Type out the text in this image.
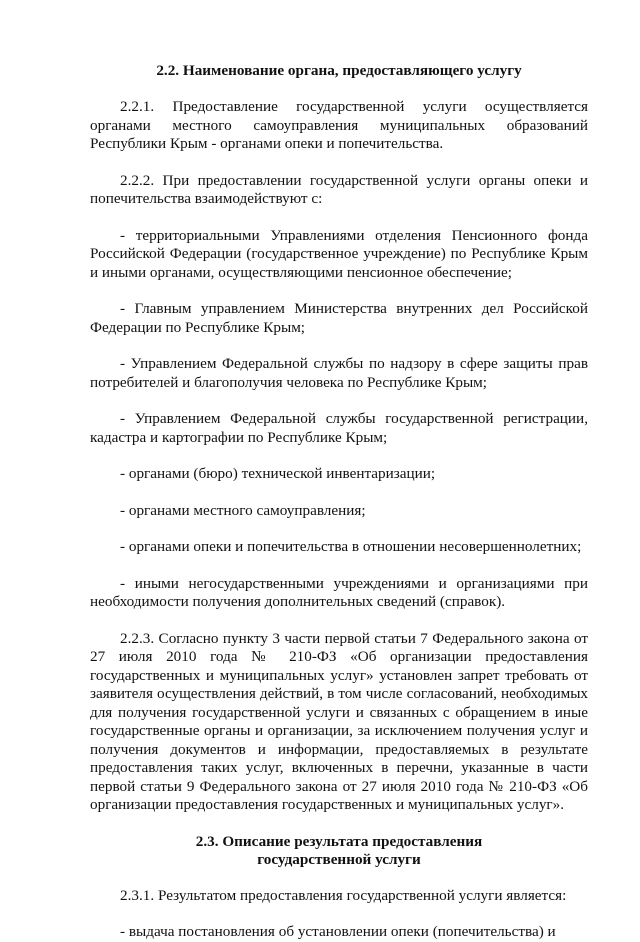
2.2. Наименование органа, предоставляющего услугу

2.2.1. Предоставление государственной услуги осуществляется органами местного самоуправления муниципальных образований Республики Крым - органами опеки и попечительства.

2.2.2. При предоставлении государственной услуги органы опеки и попечительства взаимодействуют с:

- территориальными Управлениями отделения Пенсионного фонда Российской Федерации (государственное учреждение) по Республике Крым и иными органами, осуществляющими пенсионное обеспечение;

- Главным управлением Министерства внутренних дел Российской Федерации по Республике Крым;

- Управлением Федеральной службы по надзору в сфере защиты прав потребителей и благополучия человека по Республике Крым;

- Управлением Федеральной службы государственной регистрации, кадастра и картографии по Республике Крым;

- органами (бюро) технической инвентаризации;

- органами местного самоуправления;

- органами опеки и попечительства в отношении несовершеннолетних;

- иными негосударственными учреждениями и организациями при необходимости получения дополнительных сведений (справок).

2.2.3. Согласно пункту 3 части первой статьи 7 Федерального закона от 27 июля 2010 года № 210-ФЗ «Об организации предоставления государственных и муниципальных услуг» установлен запрет требовать от заявителя осуществления действий, в том числе согласований, необходимых для получения государственной услуги и связанных с обращением в иные государственные органы и организации, за исключением получения услуг и получения документов и информации, предоставляемых в результате предоставления таких услуг, включенных в перечни, указанные в части первой статьи 9 Федерального закона от 27 июля 2010 года № 210-ФЗ «Об организации предоставления государственных и муниципальных услуг».

2.3. Описание результата предоставления
государственной услуги

2.3.1. Результатом предоставления государственной услуги является:

- выдача постановления об установлении опеки (попечительства) и
